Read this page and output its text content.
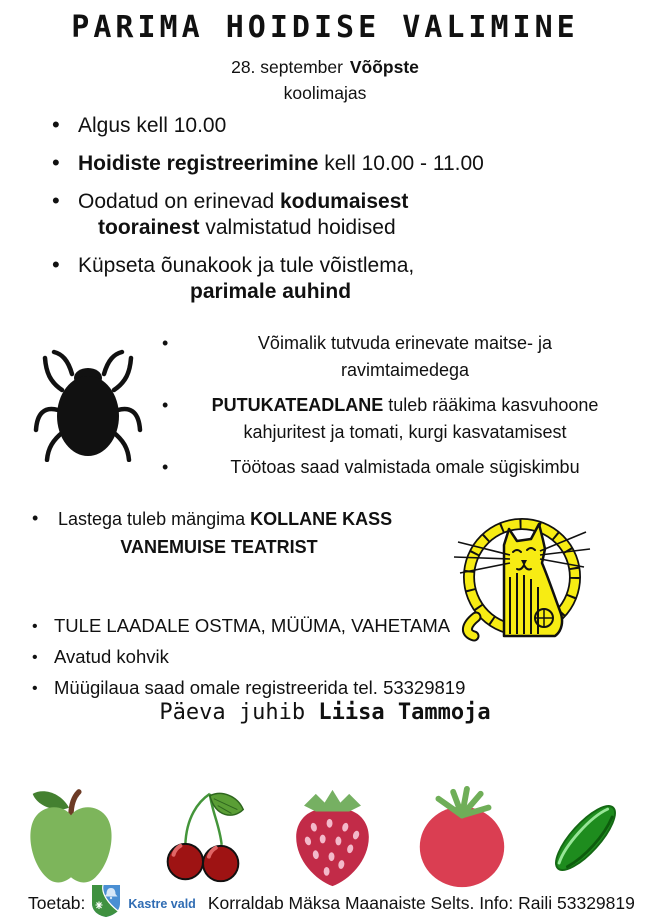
PARIMA HOIDISE VALIMINE
28. september Võõpste
koolimajas
• Algus kell 10.00
• Hoidiste registreerimine kell 10.00 - 11.00
• Oodatud on erinevad kodumaisest
toorainest valmistatud hoidised
• Küpseta õunakook ja tule võistlema,
parimale auhind
• Võimalik tutvuda erinevate maitse- ja
ravimtaimedega
• PUTUKATEADLANE tuleb rääkima kasvuhoone
kahjuritest ja tomati, kurgi kasvatamisest
• Töötoas saad valmistada omale sügiskimbu
• Lastega tuleb mängima KOLLANE KASS
VANEMUISE TEATRIST
• TULE LAADALE OSTMA, MÜÜMA, VAHETAMA
• Avatud kohvik
• Müügilaua saad omale registreerida tel. 53329819
Päeva juhib Liisa Tammoja
Toetab:	Kastre vald Korraldab Mäksa Maanaiste Selts. Info: Raili 53329819
